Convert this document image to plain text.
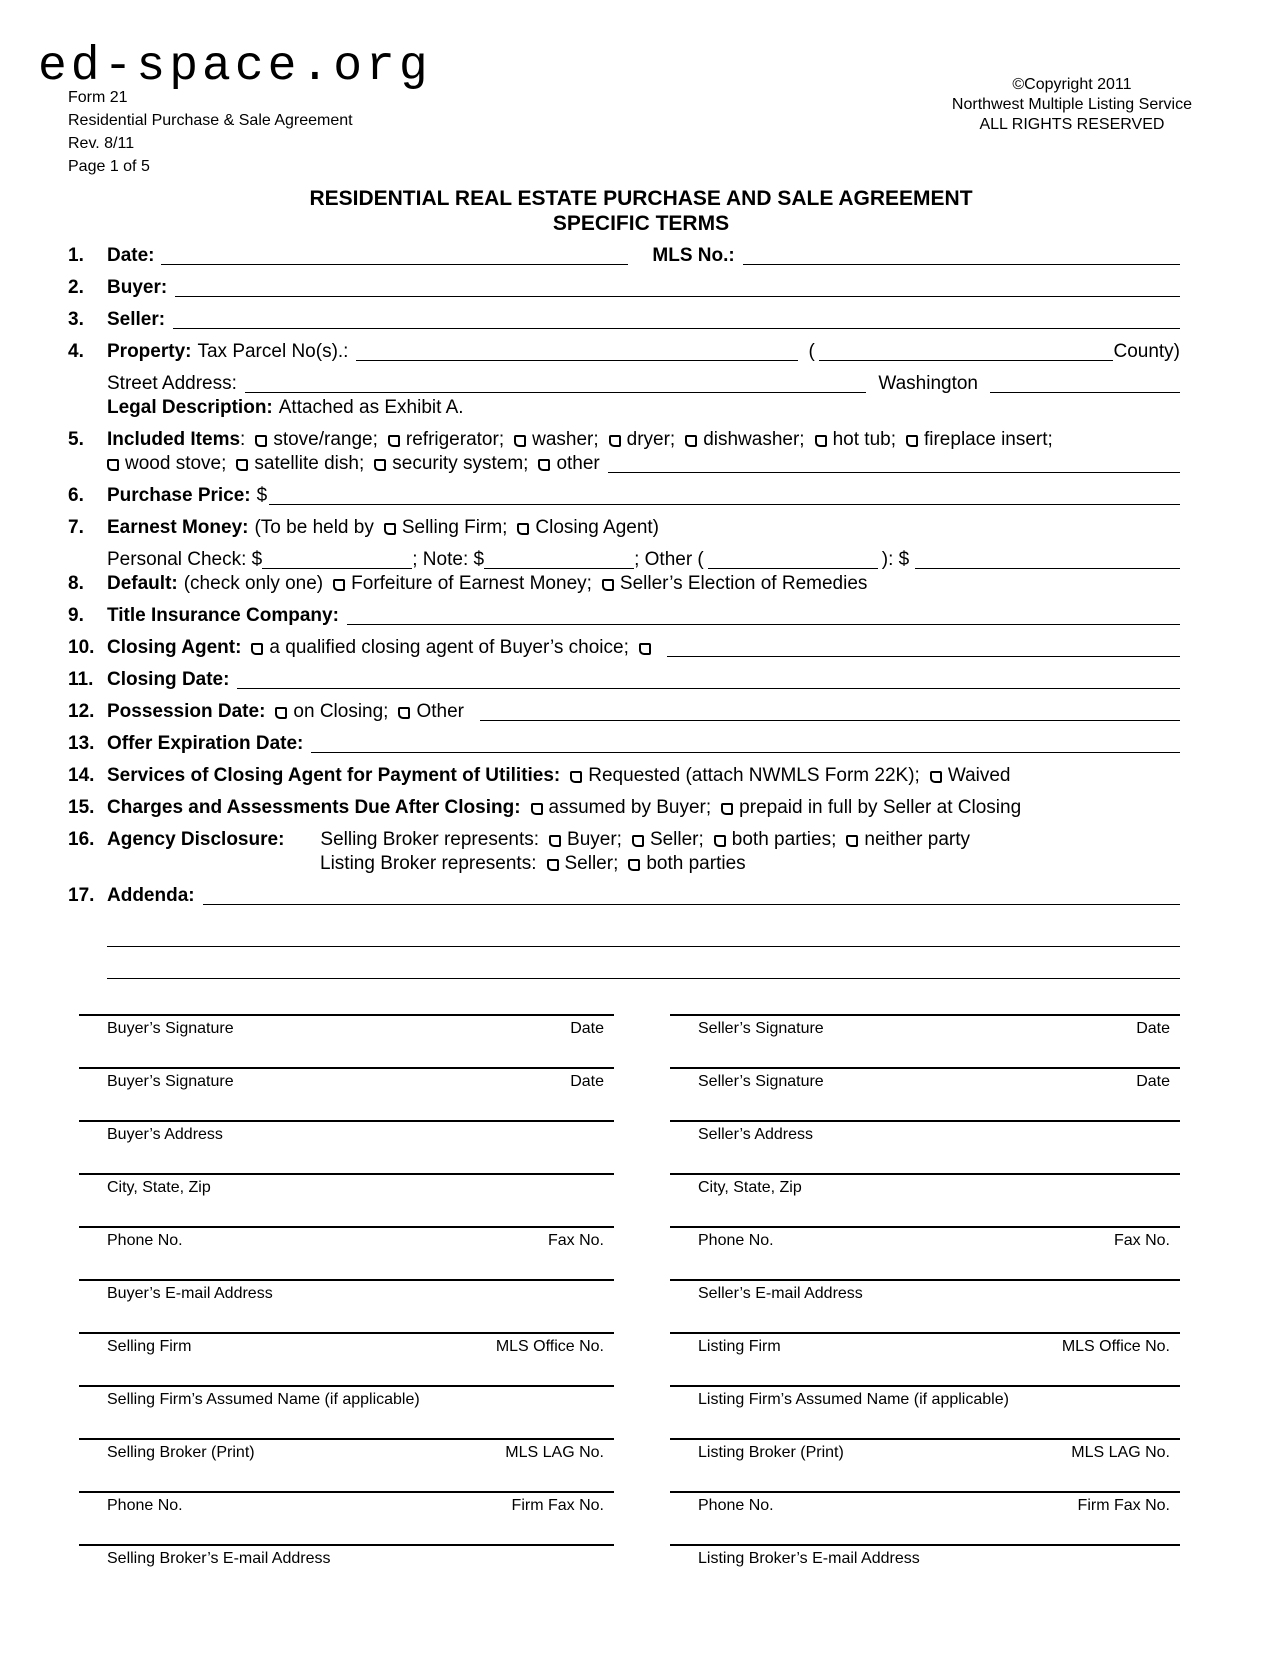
ed-space.org
Form 21
Residential Purchase & Sale Agreement
Rev. 8/11
Page 1 of 5
©Copyright 2011
Northwest Multiple Listing Service
ALL RIGHTS RESERVED
RESIDENTIAL REAL ESTATE PURCHASE AND SALE AGREEMENT
SPECIFIC TERMS
1. Date:	MLS No.:
2. Buyer:
3. Seller:
4. Property: Tax Parcel No(s).:	(	County)
Street Address:	Washington
Legal Description: Attached as Exhibit A.
5. Included Items :	stove/range;	refrigerator;	washer;	dryer;	dishwasher;	hot tub;	fireplace insert;
wood stove;	satellite dish;	security system;	other
6. Purchase Price: $
7. Earnest Money: (To be held by	Selling Firm;	Closing Agent)
Personal Check: $	; Note: $	; Other (	): $
8. Default: (check only one)	Forfeiture of Earnest Money;	Seller’s Election of Remedies
9. Title Insurance Company:
10. Closing Agent:	a qualified closing agent of Buyer’s choice;
11. Closing Date:
12. Possession Date:	on Closing;	Other
13. Offer Expiration Date:
14. Services of Closing Agent for Payment of Utilities:	Requested (attach NWMLS Form 22K);	Waived
15. Charges and Assessments Due After Closing:	assumed by Buyer;	prepaid in full by Seller at Closing
16. Agency Disclosure: Selling Broker represents:	Buyer;	Seller;	both parties;	neither party
Listing Broker represents:	Seller;	both parties
17. Addenda:
Buyer’s Signature	Date
Buyer’s Signature	Date
Buyer’s Address
City, State, Zip
Phone No.	Fax No.
Buyer’s E-mail Address
Selling Firm	MLS Office No.
Selling Firm’s Assumed Name (if applicable)
Selling Broker (Print)	MLS LAG No.
Phone No.	Firm Fax No.
Selling Broker’s E-mail Address
Seller’s Signature	Date
Seller’s Signature	Date
Seller’s Address
City, State, Zip
Phone No.	Fax No.
Seller’s E-mail Address
Listing Firm	MLS Office No.
Listing Firm’s Assumed Name (if applicable)
Listing Broker (Print)	MLS LAG No.
Phone No.	Firm Fax No.
Listing Broker’s E-mail Address
